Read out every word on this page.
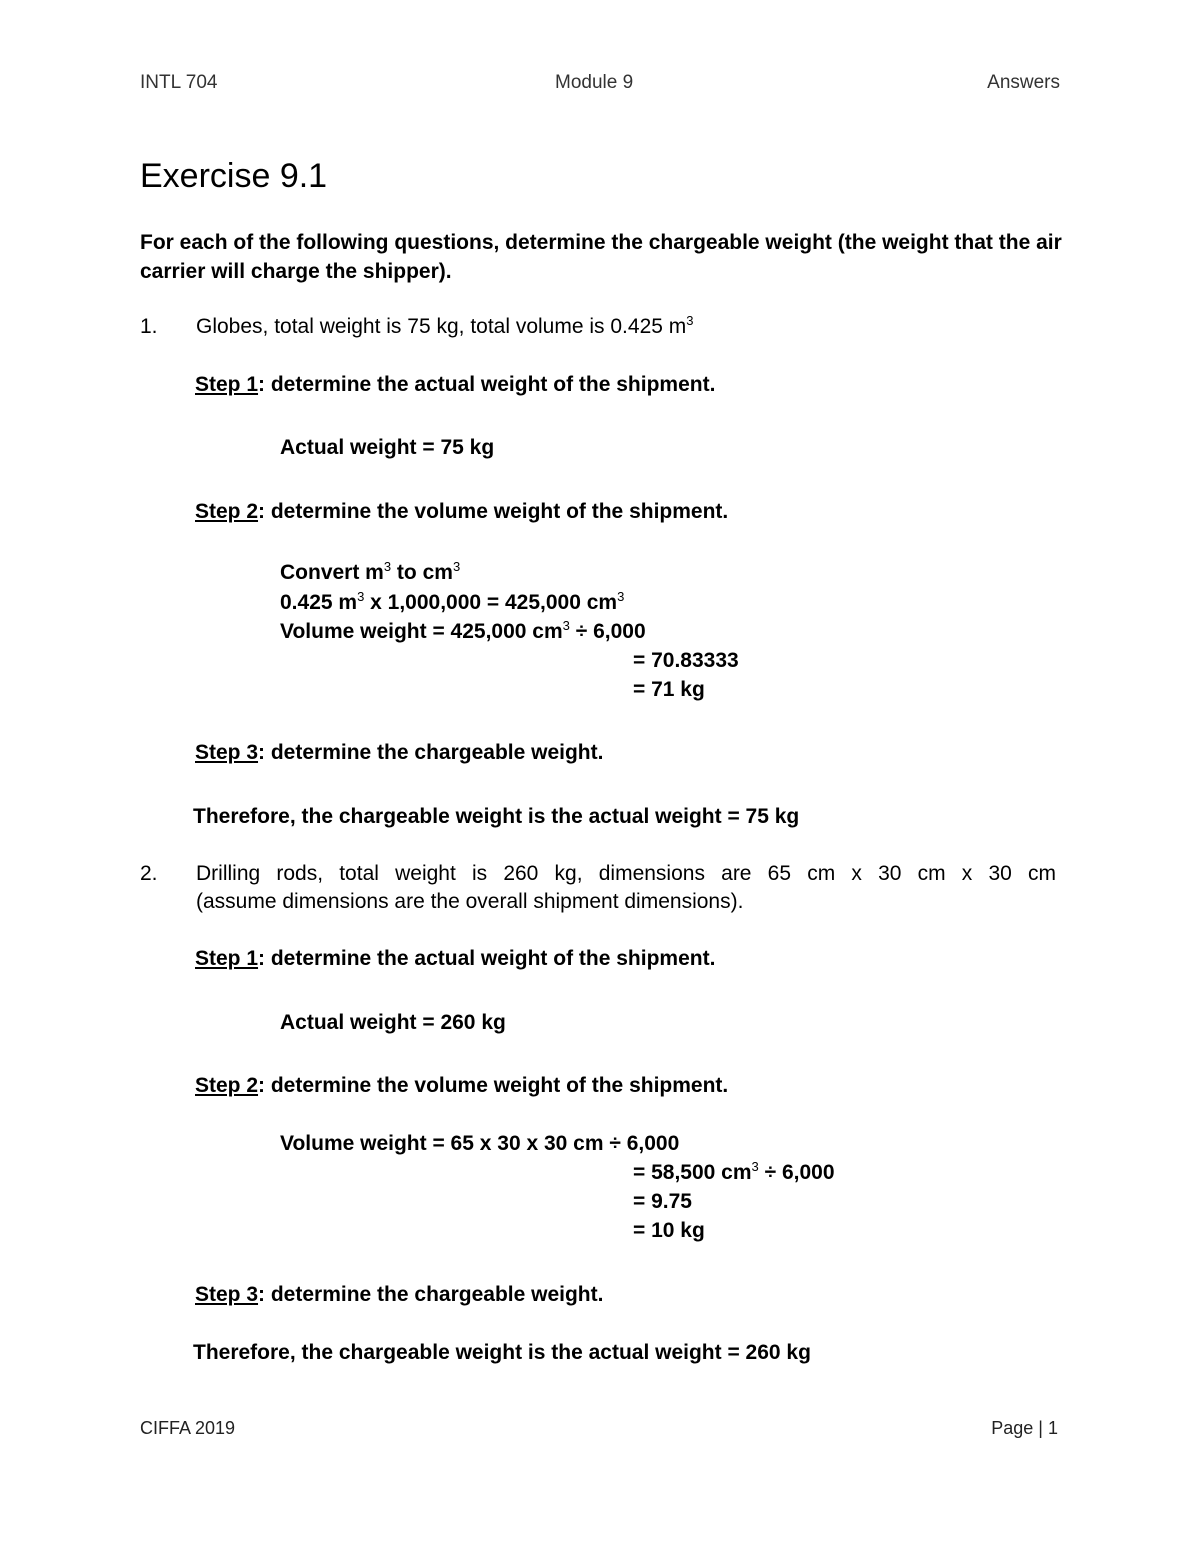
INTL 704	Module 9	Answers
Exercise 9.1
For each of the following questions, determine the chargeable weight (the weight that the air carrier will charge the shipper).
1. Globes, total weight is 75 kg, total volume is 0.425 $m^3$
Step 1: determine the actual weight of the shipment.
Actual weight = 75 kg
Step 2: determine the volume weight of the shipment.
Convert $m^3$ to $cm^3$
0.425 $m^3$ x 1,000,000 = 425,000 $cm^3$
Volume weight = 425,000 $cm^3 \div 6,000$
= 70.83333
= 71 kg
Step 3: determine the chargeable weight.
Therefore, the chargeable weight is the actual weight = 75 kg
2. Drilling rods, total weight is 260 kg, dimensions are 65 cm x 30 cm x 30 cm
(assume dimensions are the overall shipment dimensions).
Step 1: determine the actual weight of the shipment.
Actual weight = 260 kg
Step 2: determine the volume weight of the shipment.
Volume weight = 65 x 30 x 30 cm ÷ 6,000
= 58,500 $cm^3 \div 6,000$
= 9.75
= 10 kg
Step 3: determine the chargeable weight.
Therefore, the chargeable weight is the actual weight = 260 kg
CIFFA 2019	Page | 1
